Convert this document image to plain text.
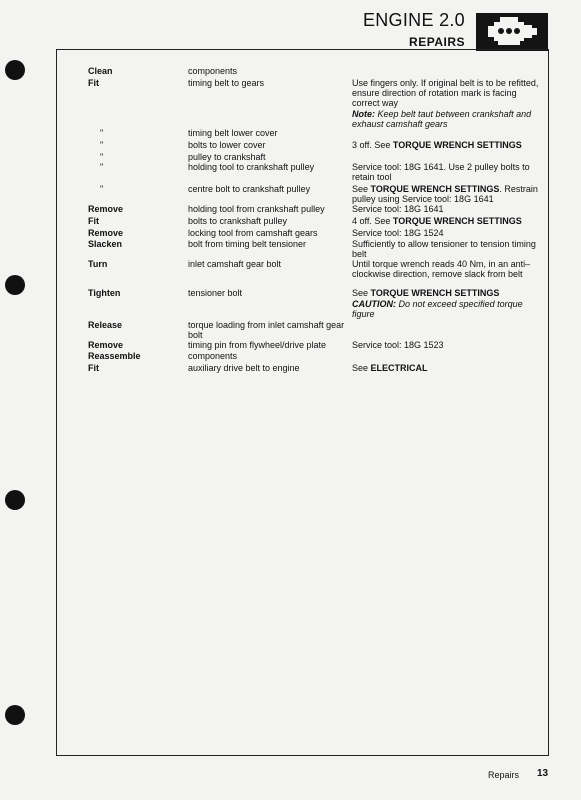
ENGINE 2.0
REPAIRS
Clean	components
Fit	timing belt to gears	Use fingers only. If original belt is to be refitted, ensure direction of rotation mark is facing correct way
Note: Keep belt taut between crankshaft and exhaust camshaft gears
"	timing belt lower cover
"	bolts to lower cover	3 off. See TORQUE WRENCH SETTINGS
"	pulley to crankshaft
"	holding tool to crankshaft pulley	Service tool: 18G 1641. Use 2 pulley bolts to retain tool
"	centre bolt to crankshaft pulley	See TORQUE WRENCH SETTINGS. Restrain pulley using Service tool: 18G 1641
Remove	holding tool from crankshaft pulley	Service tool: 18G 1641
Fit	bolts to crankshaft pulley	4 off. See TORQUE WRENCH SETTINGS
Remove	locking tool from camshaft gears	Service tool: 18G 1524
Slacken	bolt from timing belt tensioner	Sufficiently to allow tensioner to tension timing belt
Turn	inlet camshaft gear bolt	Until torque wrench reads 40 Nm, in an anti–clockwise direction, remove slack from belt
Tighten	tensioner bolt	See TORQUE WRENCH SETTINGS
CAUTION: Do not exceed specified torque figure
Release	torque loading from inlet camshaft gear bolt
Remove	timing pin from flywheel/drive plate	Service tool: 18G 1523
Reassemble	components
Fit	auxiliary drive belt to engine	See ELECTRICAL
Repairs 13
